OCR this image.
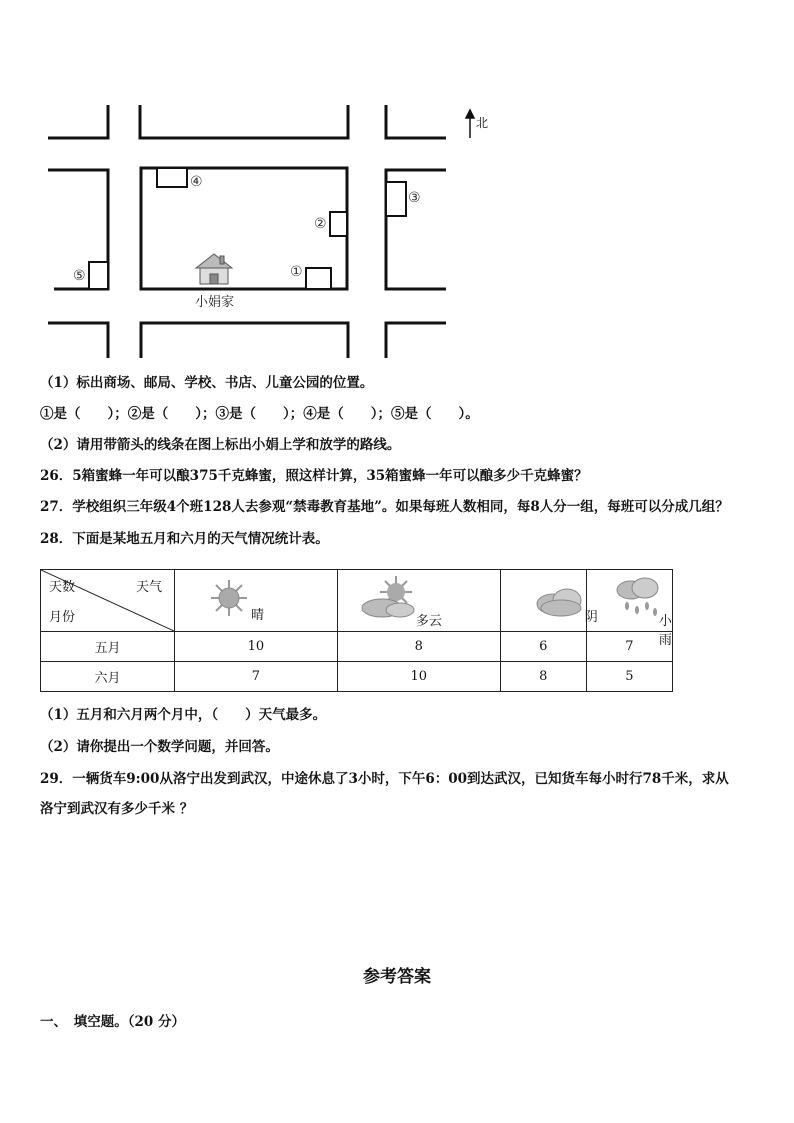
①
②
③
④
⑤
小娟家
北
（1）标出商场、邮局、学校、书店、儿童公园的位置。
①是（　　）；②是（　　）；③是（　　）；④是（　　）；⑤是（　　）。
（2）请用带箭头的线条在图上标出小娟上学和放学的路线。
26．5箱蜜蜂一年可以酿375千克蜂蜜，照这样计算，35箱蜜蜂一年可以酿多少千克蜂蜜？
27．学校组织三年级4个班128人去参观“禁毒教育基地”。如果每班人数相同，每8人分一组，每班可以分成几组？
28．下面是某地五月和六月的天气情况统计表。
天数 天气
月份	晴	多云	阴	小雨

五月	10	8	6	7
六月	7	10	8	5
（1）五月和六月两个月中，（　　）天气最多。
（2）请你提出一个数学问题，并回答。
29．一辆货车9:00从洛宁出发到武汉，中途休息了3小时，下午6：00到达武汉，已知货车每小时行78千米，求从
洛宁到武汉有多少千米 ？
参考答案
一、　填空题。（20 分）
